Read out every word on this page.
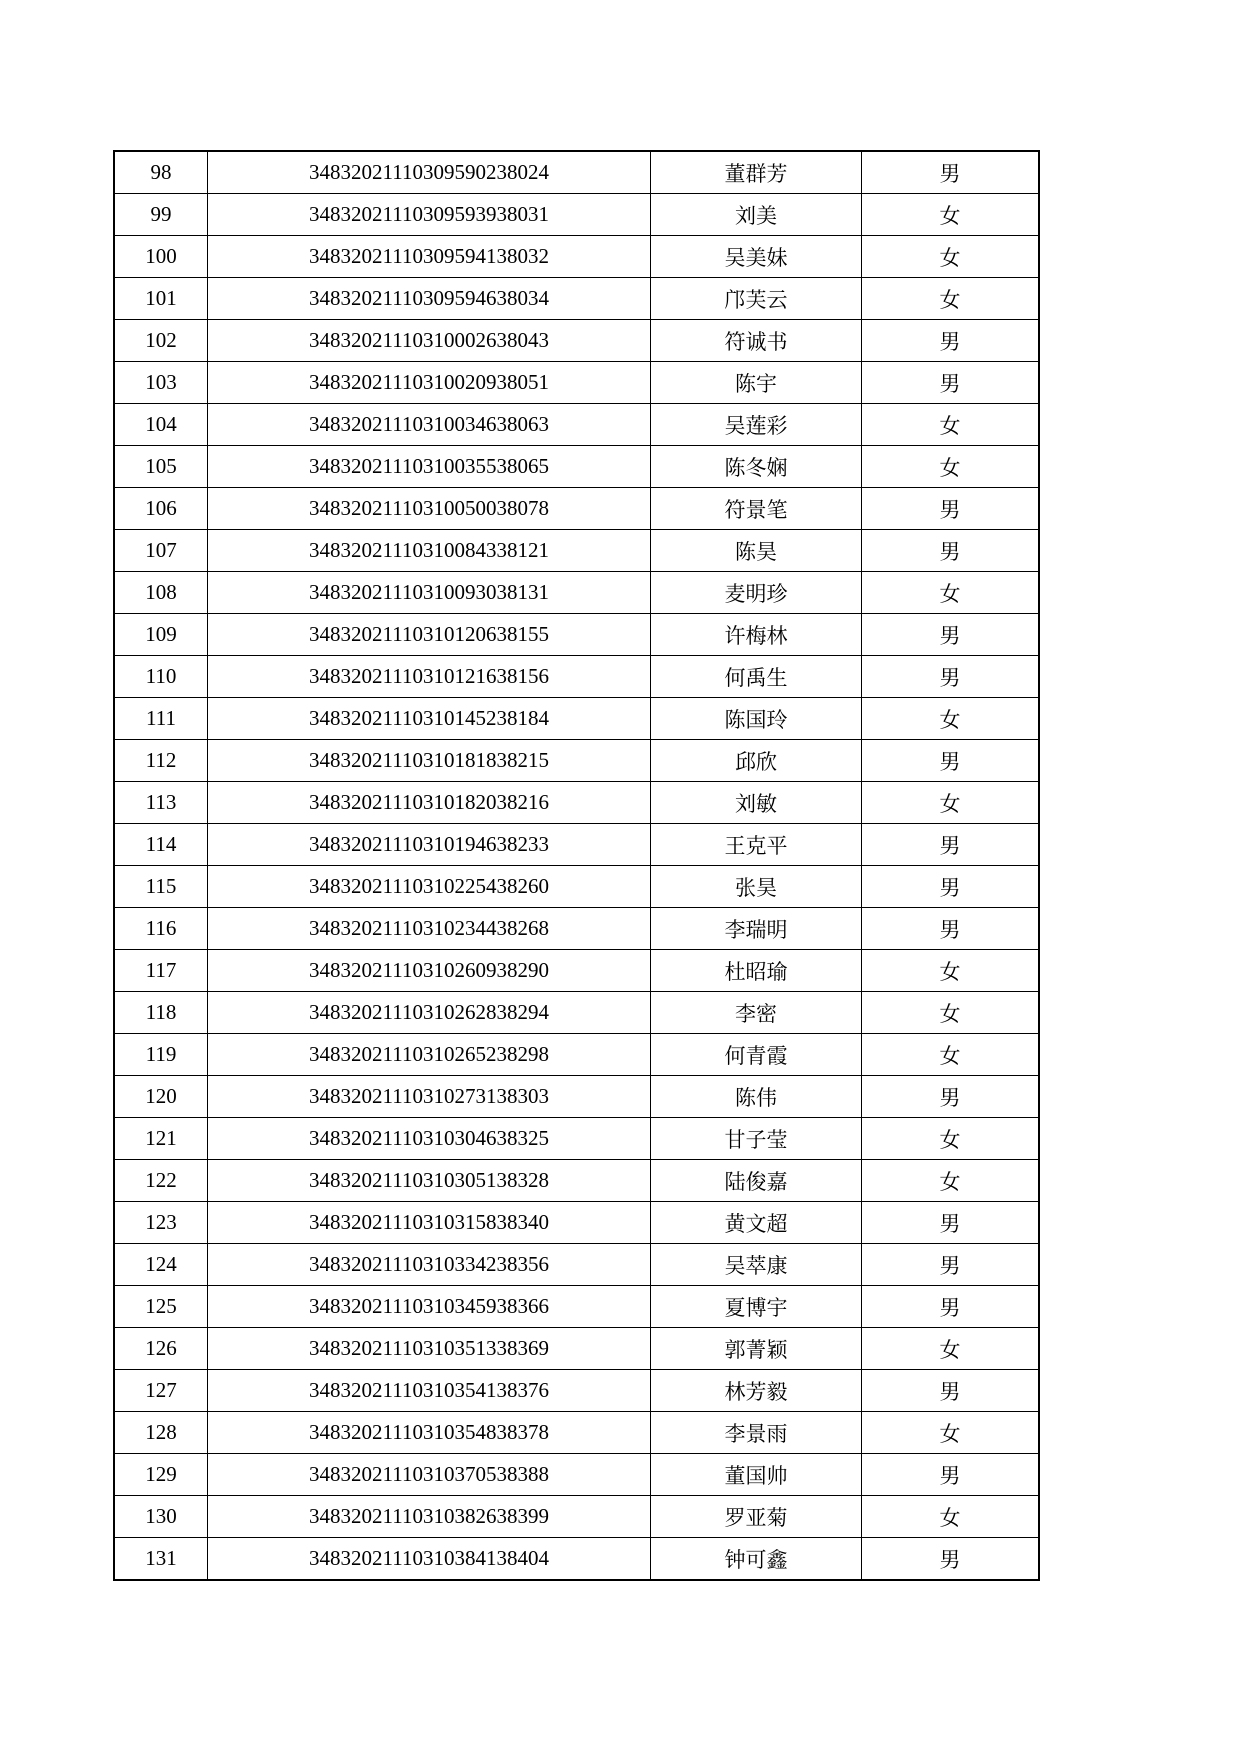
98	34832021110309590238024	董群芳	男
99	34832021110309593938031	刘美	女
100	34832021110309594138032	吴美妹	女
101	34832021110309594638034	邝芙云	女
102	34832021110310002638043	符诚书	男
103	34832021110310020938051	陈宇	男
104	34832021110310034638063	吴莲彩	女
105	34832021110310035538065	陈冬娴	女
106	34832021110310050038078	符景笔	男
107	34832021110310084338121	陈昊	男
108	34832021110310093038131	麦明珍	女
109	34832021110310120638155	许梅林	男
110	34832021110310121638156	何禹生	男
111	34832021110310145238184	陈国玲	女
112	34832021110310181838215	邱欣	男
113	34832021110310182038216	刘敏	女
114	34832021110310194638233	王克平	男
115	34832021110310225438260	张昊	男
116	34832021110310234438268	李瑞明	男
117	34832021110310260938290	杜昭瑜	女
118	34832021110310262838294	李密	女
119	34832021110310265238298	何青霞	女
120	34832021110310273138303	陈伟	男
121	34832021110310304638325	甘子莹	女
122	34832021110310305138328	陆俊嘉	女
123	34832021110310315838340	黄文超	男
124	34832021110310334238356	吴萃康	男
125	34832021110310345938366	夏博宇	男
126	34832021110310351338369	郭菁颖	女
127	34832021110310354138376	林芳毅	男
128	34832021110310354838378	李景雨	女
129	34832021110310370538388	董国帅	男
130	34832021110310382638399	罗亚菊	女
131	34832021110310384138404	钟可鑫	男
